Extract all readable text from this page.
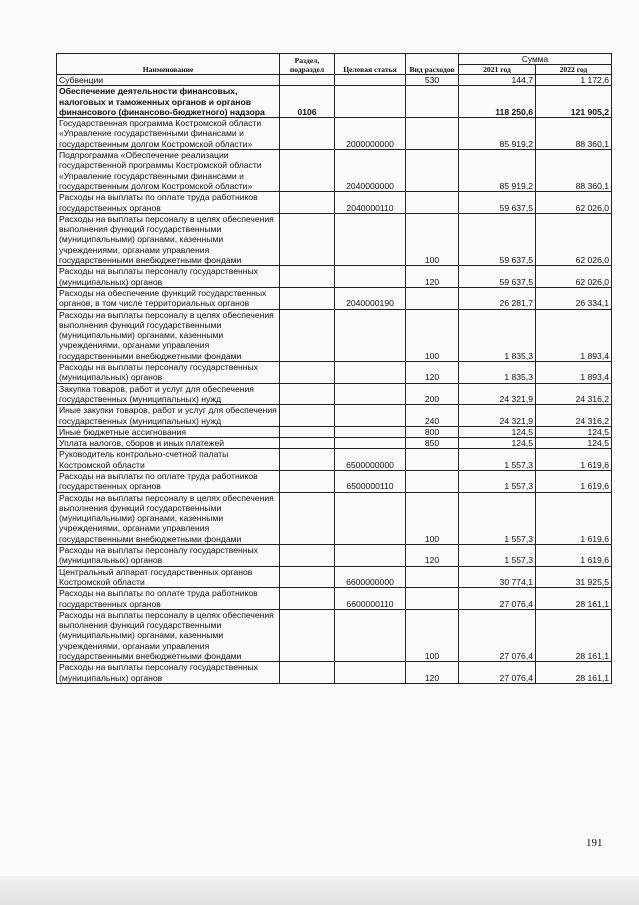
Наименование	Раздел, подраздел	Целевая статья	Вид расходов	Сумма	
				2021 год	2022 год
Субвенции			530	144,7	1 172,6
Обеспечение деятельности финансовых, налоговых и таможенных органов и органов финансового (финансово-бюджетного) надзора	0106			118 250,6	121 905,2
Государственная программа Костромской области «Управление государственными финансами и государственным долгом Костромской области»		2000000000		85 919,2	88 360,1
Подпрограмма «Обеспечение реализации государственной программы Костромской области «Управление государственными финансами и государственным долгом Костромской области»		2040000000		85 919,2	88 360,1
Расходы на выплаты по оплате труда работников государственных органов		2040000110		59 637,5	62 026,0
Расходы на выплаты персоналу в целях обеспечения выполнения функций государственными (муниципальными) органами, казенными учреждениями, органами управления государственными внебюджетными фондами			100	59 637,5	62 026,0
Расходы на выплаты персоналу государственных (муниципальных) органов			120	59 637,5	62 026,0
Расходы на обеспечение функций государственных органов, в том числе территориальных органов		2040000190		26 281,7	26 334,1
Расходы на выплаты персоналу в целях обеспечения выполнения функций государственными (муниципальными) органами, казенными учреждениями, органами управления государственными внебюджетными фондами			100	1 835,3	1 893,4
Расходы на выплаты персоналу государственных (муниципальных) органов			120	1 835,3	1 893,4
Закупка товаров, работ и услуг для обеспечения государственных (муниципальных) нужд			200	24 321,9	24 316,2
Иные закупки товаров, работ и услуг для обеспечения государственных (муниципальных) нужд			240	24 321,9	24 316,2
Иные бюджетные ассигнования			800	124,5	124,5
Уплата налогов, сборов и иных платежей			850	124,5	124,5
Руководитель контрольно-счетной палаты Костромской области		6500000000		1 557,3	1 619,6
Расходы на выплаты по оплате труда работников государственных органов		6500000110		1 557,3	1 619,6
Расходы на выплаты персоналу в целях обеспечения выполнения функций государственными (муниципальными) органами, казенными учреждениями, органами управления государственными внебюджетными фондами			100	1 557,3	1 619,6
Расходы на выплаты персоналу государственных (муниципальных) органов			120	1 557,3	1 619,6
Центральный аппарат государственных органов Костромской области		6600000000		30 774,1	31 925,5
Расходы на выплаты по оплате труда работников государственных органов		6600000110		27 076,4	28 161,1
Расходы на выплаты персоналу в целях обеспечения выполнения функций государственными (муниципальными) органами, казенными учреждениями, органами управления государственными внебюджетными фондами			100	27 076,4	28 161,1
Расходы на выплаты персоналу государственных (муниципальных) органов			120	27 076,4	28 161,1
191
